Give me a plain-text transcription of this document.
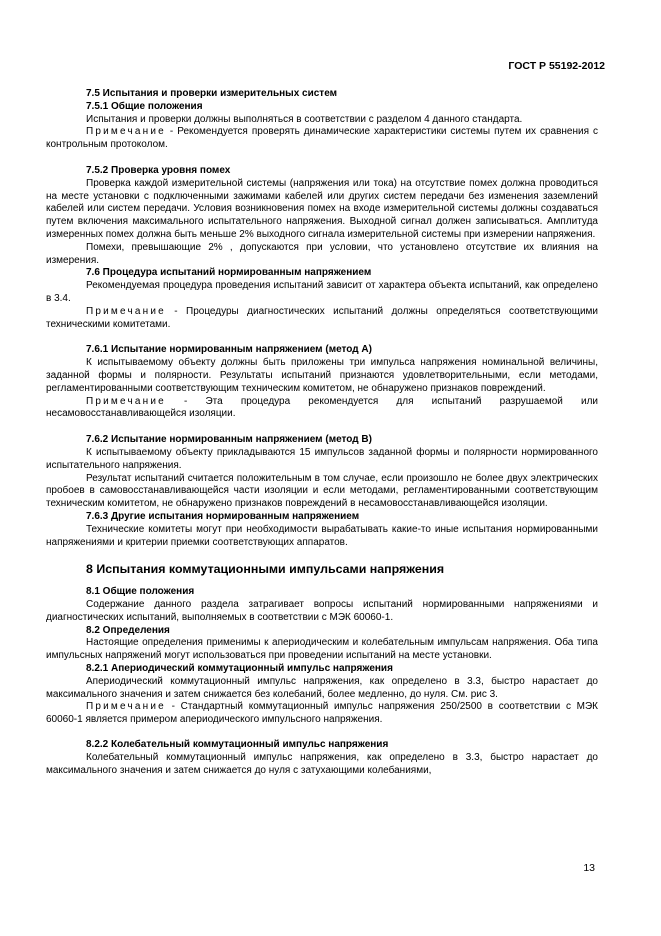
ГОСТ Р 55192-2012

7.5 Испытания и проверки измерительных систем

7.5.1 Общие положения

Испытания и проверки должны выполняться в соответствии с разделом 4 данного стандарта.

Примечание - Рекомендуется проверять динамические характеристики системы путем их сравнения с контрольным протоколом.

7.5.2 Проверка уровня помех

Проверка каждой измерительной системы (напряжения или тока) на отсутствие помех должна проводиться на месте установки с подключенными зажимами кабелей или других систем передачи без изменения заземлений кабелей или систем передачи. Условия возникновения помех на входе измерительной системы должны создаваться путем включения максимального испытательного напряжения. Выходной сигнал должен записываться. Амплитуда измеренных помех должна быть меньше 2% выходного сигнала измерительной системы при измерении напряжения.

Помехи, превышающие 2% , допускаются при условии, что установлено отсутствие их влияния на измерения.

7.6 Процедура испытаний нормированным напряжением

Рекомендуемая процедура проведения испытаний зависит от характера объекта испытаний, как определено в 3.4.

Примечание - Процедуры диагностических испытаний должны определяться соответствующими техническими комитетами.

7.6.1 Испытание нормированным напряжением (метод А)

К испытываемому объекту должны быть приложены три импульса напряжения номинальной величины, заданной формы и полярности. Результаты испытаний признаются удовлетворительными, если методами, регламентированными соответствующим техническим комитетом, не обнаружено признаков повреждений.

Примечание - Эта процедура рекомендуется для испытаний разрушаемой или несамовосстанавливающейся изоляции.

7.6.2 Испытание нормированным напряжением (метод В)

К испытываемому объекту прикладываются 15 импульсов заданной формы и полярности нормированного испытательного напряжения.

Результат испытаний считается положительным в том случае, если произошло не более двух электрических пробоев в самовосстанавливающейся части изоляции и если методами, регламентированными соответствующим техническим комитетом, не обнаружено признаков повреждений в несамовосстанавливающейся изоляции.

7.6.3 Другие испытания нормированным напряжением

Технические комитеты могут при необходимости вырабатывать какие-то иные испытания нормированными напряжениями и критерии приемки соответствующих аппаратов.

8 Испытания коммутационными импульсами напряжения

8.1 Общие положения

Содержание данного раздела затрагивает вопросы испытаний нормированными напряжениями и диагностических испытаний, выполняемых в соответствии с МЭК 60060-1.

8.2 Определения

Настоящие определения применимы к апериодическим и колебательным импульсам напряжения. Оба типа импульсных напряжений могут использоваться при проведении испытаний на месте установки.

8.2.1 Апериодический коммутационный импульс напряжения

Апериодический коммутационный импульс напряжения, как определено в 3.3, быстро нарастает до максимального значения и затем снижается без колебаний, более медленно, до нуля. См. рис 3.

Примечание - Стандартный коммутационный импульс напряжения 250/2500 в соответствии с МЭК 60060-1 является примером апериодического импульсного напряжения.

8.2.2 Колебательный коммутационный импульс напряжения

Колебательный коммутационный импульс напряжения, как определено в 3.3, быстро нарастает до максимального значения и затем снижается до нуля с затухающими колебаниями,

13
